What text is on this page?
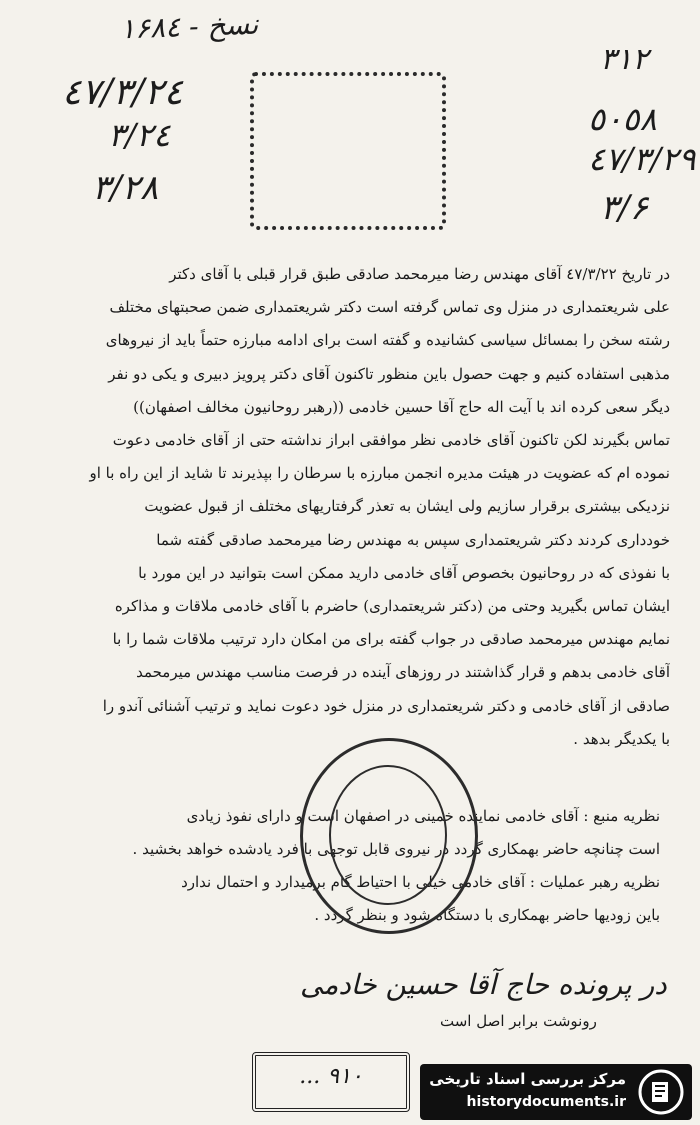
نسخ - ١۶٨٤
٤٧/٣/٢٤
٣/٢٤
٣/٢٨
٣١٢
٥٠٥٨
٤٧/٣/٢٩
٣/۶
در تاريخ ٤٧/٣/٢٢ آقاى مهندس رضا ميرمحمد صادقى طبق قرار قبلى با آقاى دكتر
على شريعتمدارى در منزل وى تماس گرفته است دكتر شريعتمدارى ضمن صحبتهاى مختلف
رشته سخن را بمسائل سياسى كشانيده و گفته است براى ادامه مبارزه حتماً بايد از نيروهاى
مذهبى استفاده كنيم و جهت حصول باين منظور تاكنون آقاى دكتر پرويز دبيرى و يكى دو نفر
ديگر سعى كرده اند با آيت اله حاج آقا حسين خادمى ((رهبر روحانيون مخالف اصفهان))
تماس بگيرند لكن تاكنون آقاى خادمى نظر موافقى ابراز نداشته حتى از آقاى خادمى دعوت
نموده ام كه عضويت در هيئت مديره انجمن مبارزه با سرطان را بپذيرند تا شايد از اين راه با او
نزديكى بيشترى برقرار سازيم ولى ايشان به تعذر گرفتاريهاى مختلف از قبول عضويت
خوددارى كردند دكتر شريعتمدارى سپس به مهندس رضا ميرمحمد صادقى گفته شما
با نفوذى كه در روحانيون بخصوص آقاى خادمى داريد ممكن است بتوانيد در اين مورد با
ايشان تماس بگيريد وحتى من (دكتر شريعتمدارى) حاضرم با آقاى خادمى ملاقات و مذاكره
نمايم مهندس ميرمحمد صادقى در جواب گفته براى من امكان دارد ترتيب ملاقات شما را با
آقاى خادمى بدهم و قرار گذاشتند در روزهاى آينده در فرصت مناسب مهندس ميرمحمد
صادقى از آقاى خادمى و دكتر شريعتمدارى در منزل خود دعوت نمايد و ترتيب آشنائى آندو را
با يكديگر بدهد .
نظريه منبع : آقاى خادمى نماينده خمينى در اصفهان است و داراى نفوذ زيادى
است چنانچه حاضر بهمكارى گردد در نيروى قابل توجهى با فرد يادشده خواهد بخشيد .
نظريه رهبر عمليات : آقاى خادمى خيلى با احتياط گام برميدارد و احتمال ندارد
باين زوديها حاضر بهمكارى با دستگاه شود و بنظر گردد .
در پرونده حاج آقا حسين خادمى
رونوشت برابر اصل است
۹۱۰ ...	مركز بررسى اسناد تاريخى
historydocuments.ir
